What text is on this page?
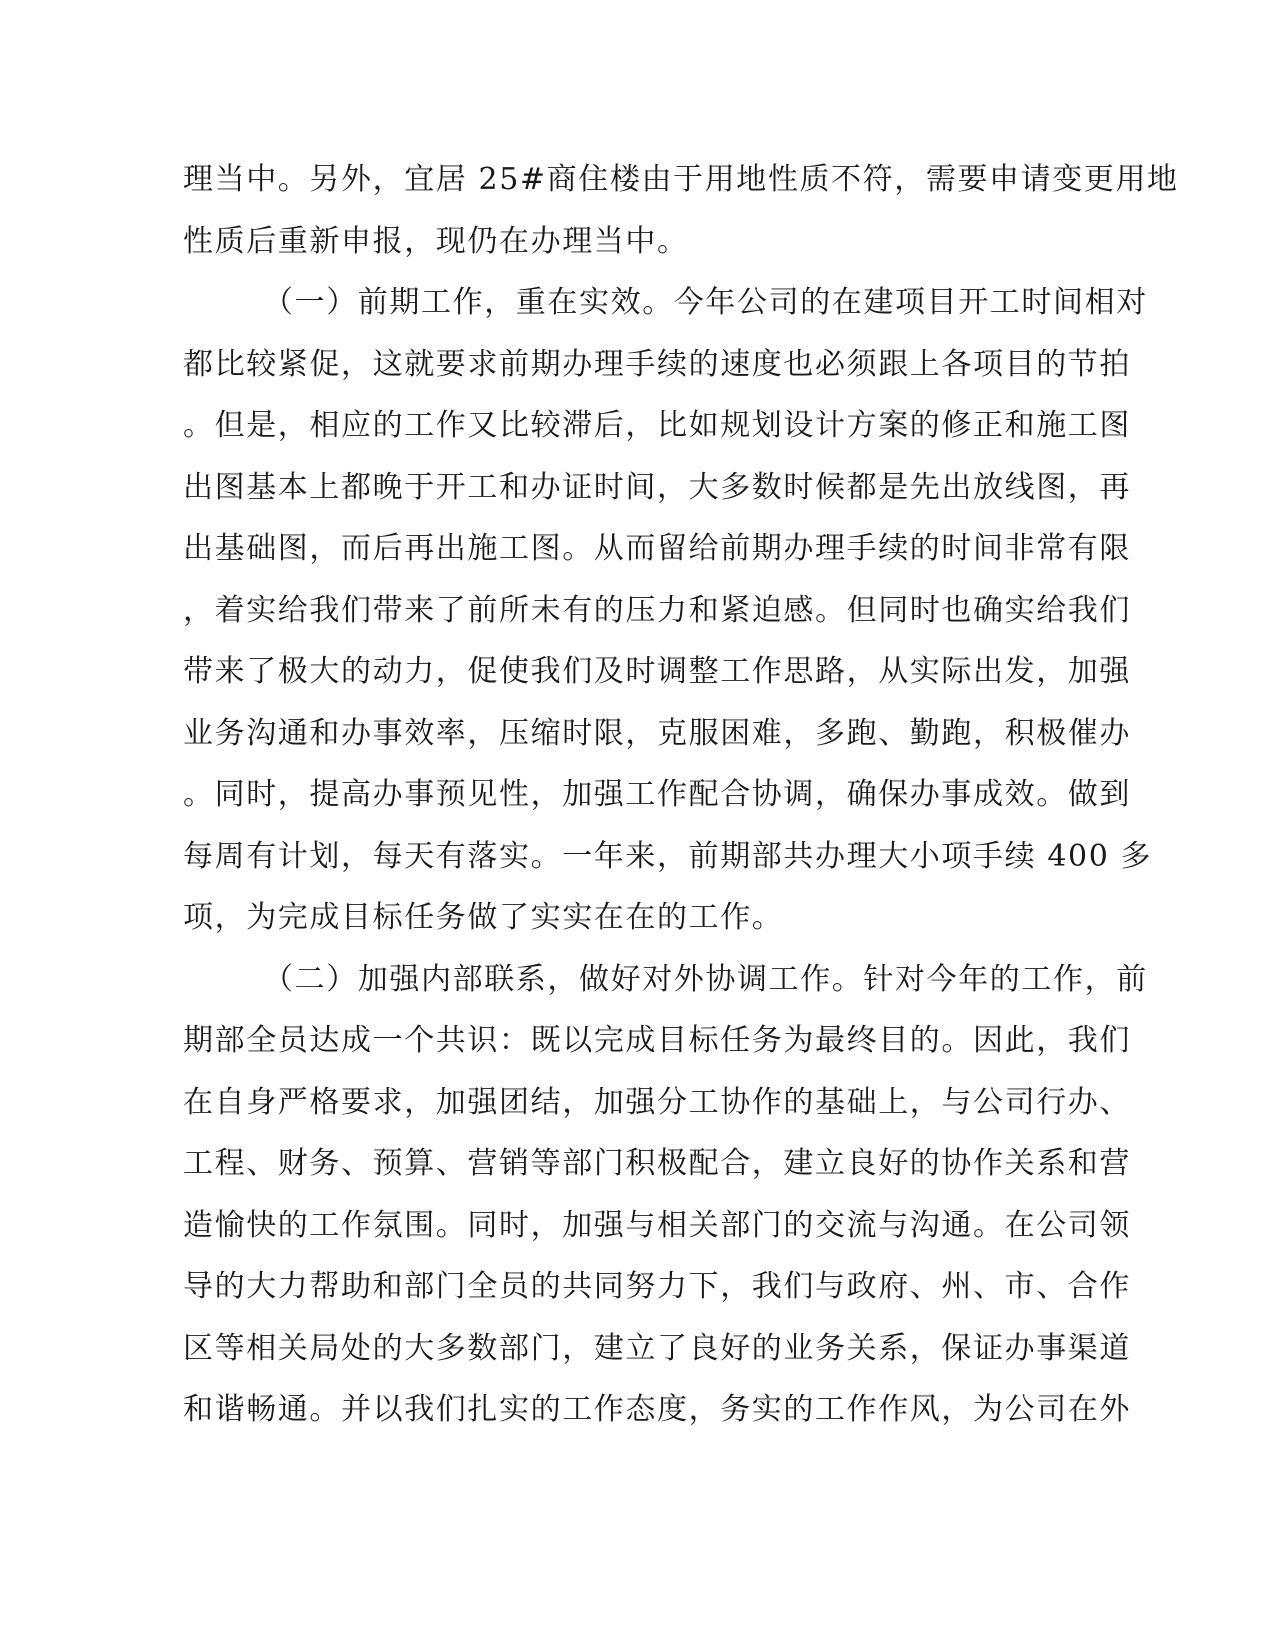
理当中。另外，宜居 25#商住楼由于用地性质不符，需要申请变更用地
性质后重新申报，现仍在办理当中。
（一）前期工作，重在实效。今年公司的在建项目开工时间相对
都比较紧促，这就要求前期办理手续的速度也必须跟上各项目的节拍
。但是，相应的工作又比较滞后，比如规划设计方案的修正和施工图
出图基本上都晚于开工和办证时间，大多数时候都是先出放线图，再
出基础图，而后再出施工图。从而留给前期办理手续的时间非常有限
，着实给我们带来了前所未有的压力和紧迫感。但同时也确实给我们
带来了极大的动力，促使我们及时调整工作思路，从实际出发，加强
业务沟通和办事效率，压缩时限，克服困难，多跑、勤跑，积极催办
。同时，提高办事预见性，加强工作配合协调，确保办事成效。做到
每周有计划，每天有落实。一年来，前期部共办理大小项手续 400 多
项，为完成目标任务做了实实在在的工作。
（二）加强内部联系，做好对外协调工作。针对今年的工作，前
期部全员达成一个共识：既以完成目标任务为最终目的。因此，我们
在自身严格要求，加强团结，加强分工协作的基础上，与公司行办、
工程、财务、预算、营销等部门积极配合，建立良好的协作关系和营
造愉快的工作氛围。同时，加强与相关部门的交流与沟通。在公司领
导的大力帮助和部门全员的共同努力下，我们与政府、州、市、合作
区等相关局处的大多数部门，建立了良好的业务关系，保证办事渠道
和谐畅通。并以我们扎实的工作态度，务实的工作作风，为公司在外
